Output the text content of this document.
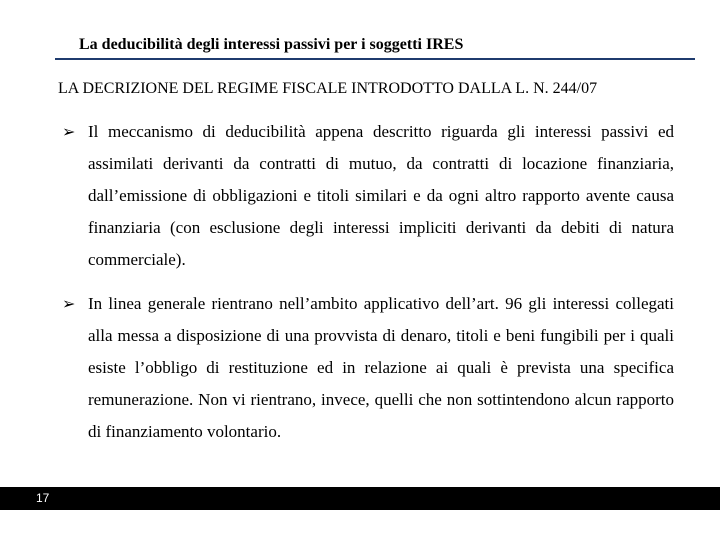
La deducibilità degli interessi passivi per i soggetti IRES
LA DECRIZIONE DEL REGIME FISCALE INTRODOTTO DALLA L. N. 244/07
➢ Il meccanismo di deducibilità appena descritto riguarda gli interessi passivi ed assimilati derivanti da contratti di mutuo, da contratti di locazione finanziaria, dall’emissione di obbligazioni e titoli similari e da ogni altro rapporto avente causa finanziaria (con esclusione degli interessi impliciti derivanti da debiti di natura commerciale).
➢ In linea generale rientrano nell’ambito applicativo dell’art. 96 gli interessi collegati alla messa a disposizione di una provvista di denaro, titoli e beni fungibili per i quali esiste l’obbligo di restituzione ed in relazione ai quali è prevista una specifica remunerazione. Non vi rientrano, invece, quelli che non sottintendono alcun rapporto di finanziamento volontario.
17
